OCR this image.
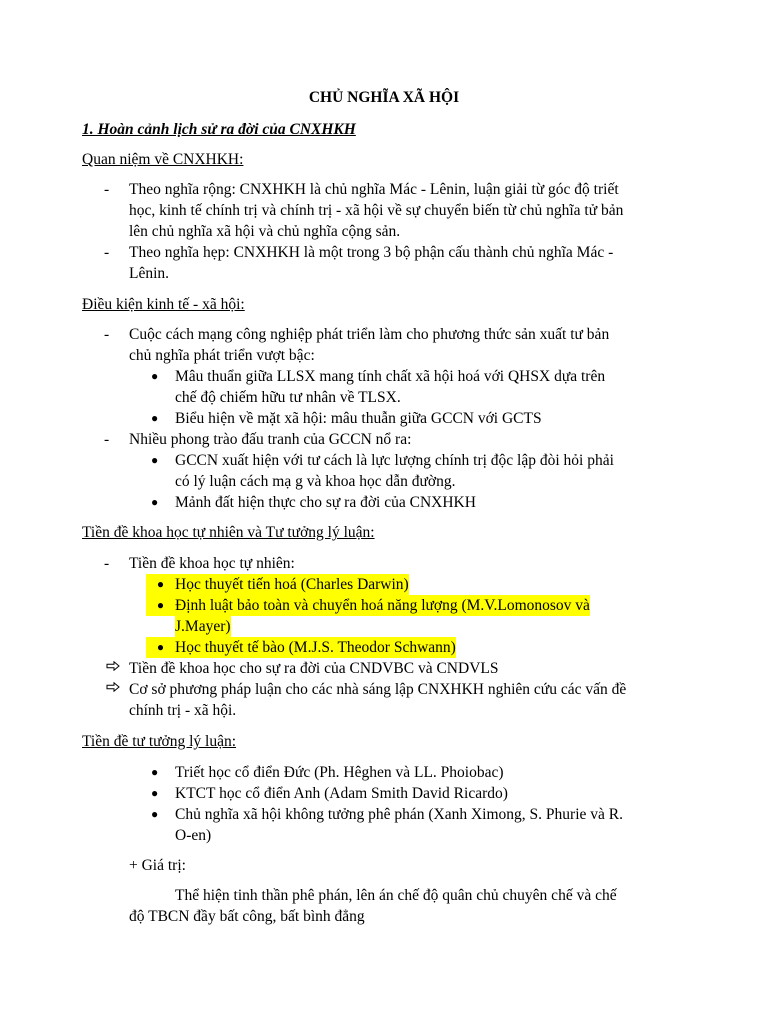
CHỦ NGHĨA XÃ HỘI
1. Hoàn cảnh lịch sử ra đời của CNXHKH
Quan niệm về CNXHKH:
- Theo nghĩa rộng: CNXHKH là chủ nghĩa Mác - Lênin, luận giải từ góc độ triết
học, kinh tế chính trị và chính trị - xã hội về sự chuyển biến từ chủ nghĩa tử bản
lên chủ nghĩa xã hội và chủ nghĩa cộng sản.
- Theo nghĩa hẹp: CNXHKH là một trong 3 bộ phận cấu thành chủ nghĩa Mác -
Lênin.
Điều kiện kinh tế - xã hội:
- Cuộc cách mạng công nghiệp phát triển làm cho phương thức sản xuất tư bản
chủ nghĩa phát triển vượt bậc:
● Mâu thuẩn giữa LLSX mang tính chất xã hội hoá với QHSX dựa trên
chế độ chiếm hữu tư nhân về TLSX.
● Biểu hiện về mặt xã hội: mâu thuẫn giữa GCCN với GCTS
- Nhiều phong trào đấu tranh của GCCN nổ ra:
● GCCN xuất hiện với tư cách là lực lượng chính trị độc lập đòi hỏi phải
có lý luận cách mạ g và khoa học dẫn đường.
● Mảnh đất hiện thực cho sự ra đời của CNXHKH
Tiền đề khoa học tự nhiên và Tư tưởng lý luận:
- Tiền đề khoa học tự nhiên:
● Học thuyết tiến hoá (Charles Darwin)
● Định luật bảo toàn và chuyển hoá năng lượng (M.V.Lomonosov và
J.Mayer)
● Học thuyết tế bào (M.J.S. Theodor Schwann)
Tiền đề khoa học cho sự ra đời của CNDVBC và CNDVLS
Cơ sở phương pháp luận cho các nhà sáng lập CNXHKH nghiên cứu các vấn đề
chính trị - xã hội.
Tiền đề tư tưởng lý luận:
● Triết học cổ điển Đức (Ph. Hêghen và LL. Phoiobac)
● KTCT học cổ điển Anh (Adam Smith David Ricardo)
● Chủ nghĩa xã hội không tưởng phê phán (Xanh Ximong, S. Phurie và R.
O-en)
+ Giá trị:
Thể hiện tinh thần phê phán, lên án chế độ quân chủ chuyên chế và chế
độ TBCN đầy bất công, bất bình đẳng
